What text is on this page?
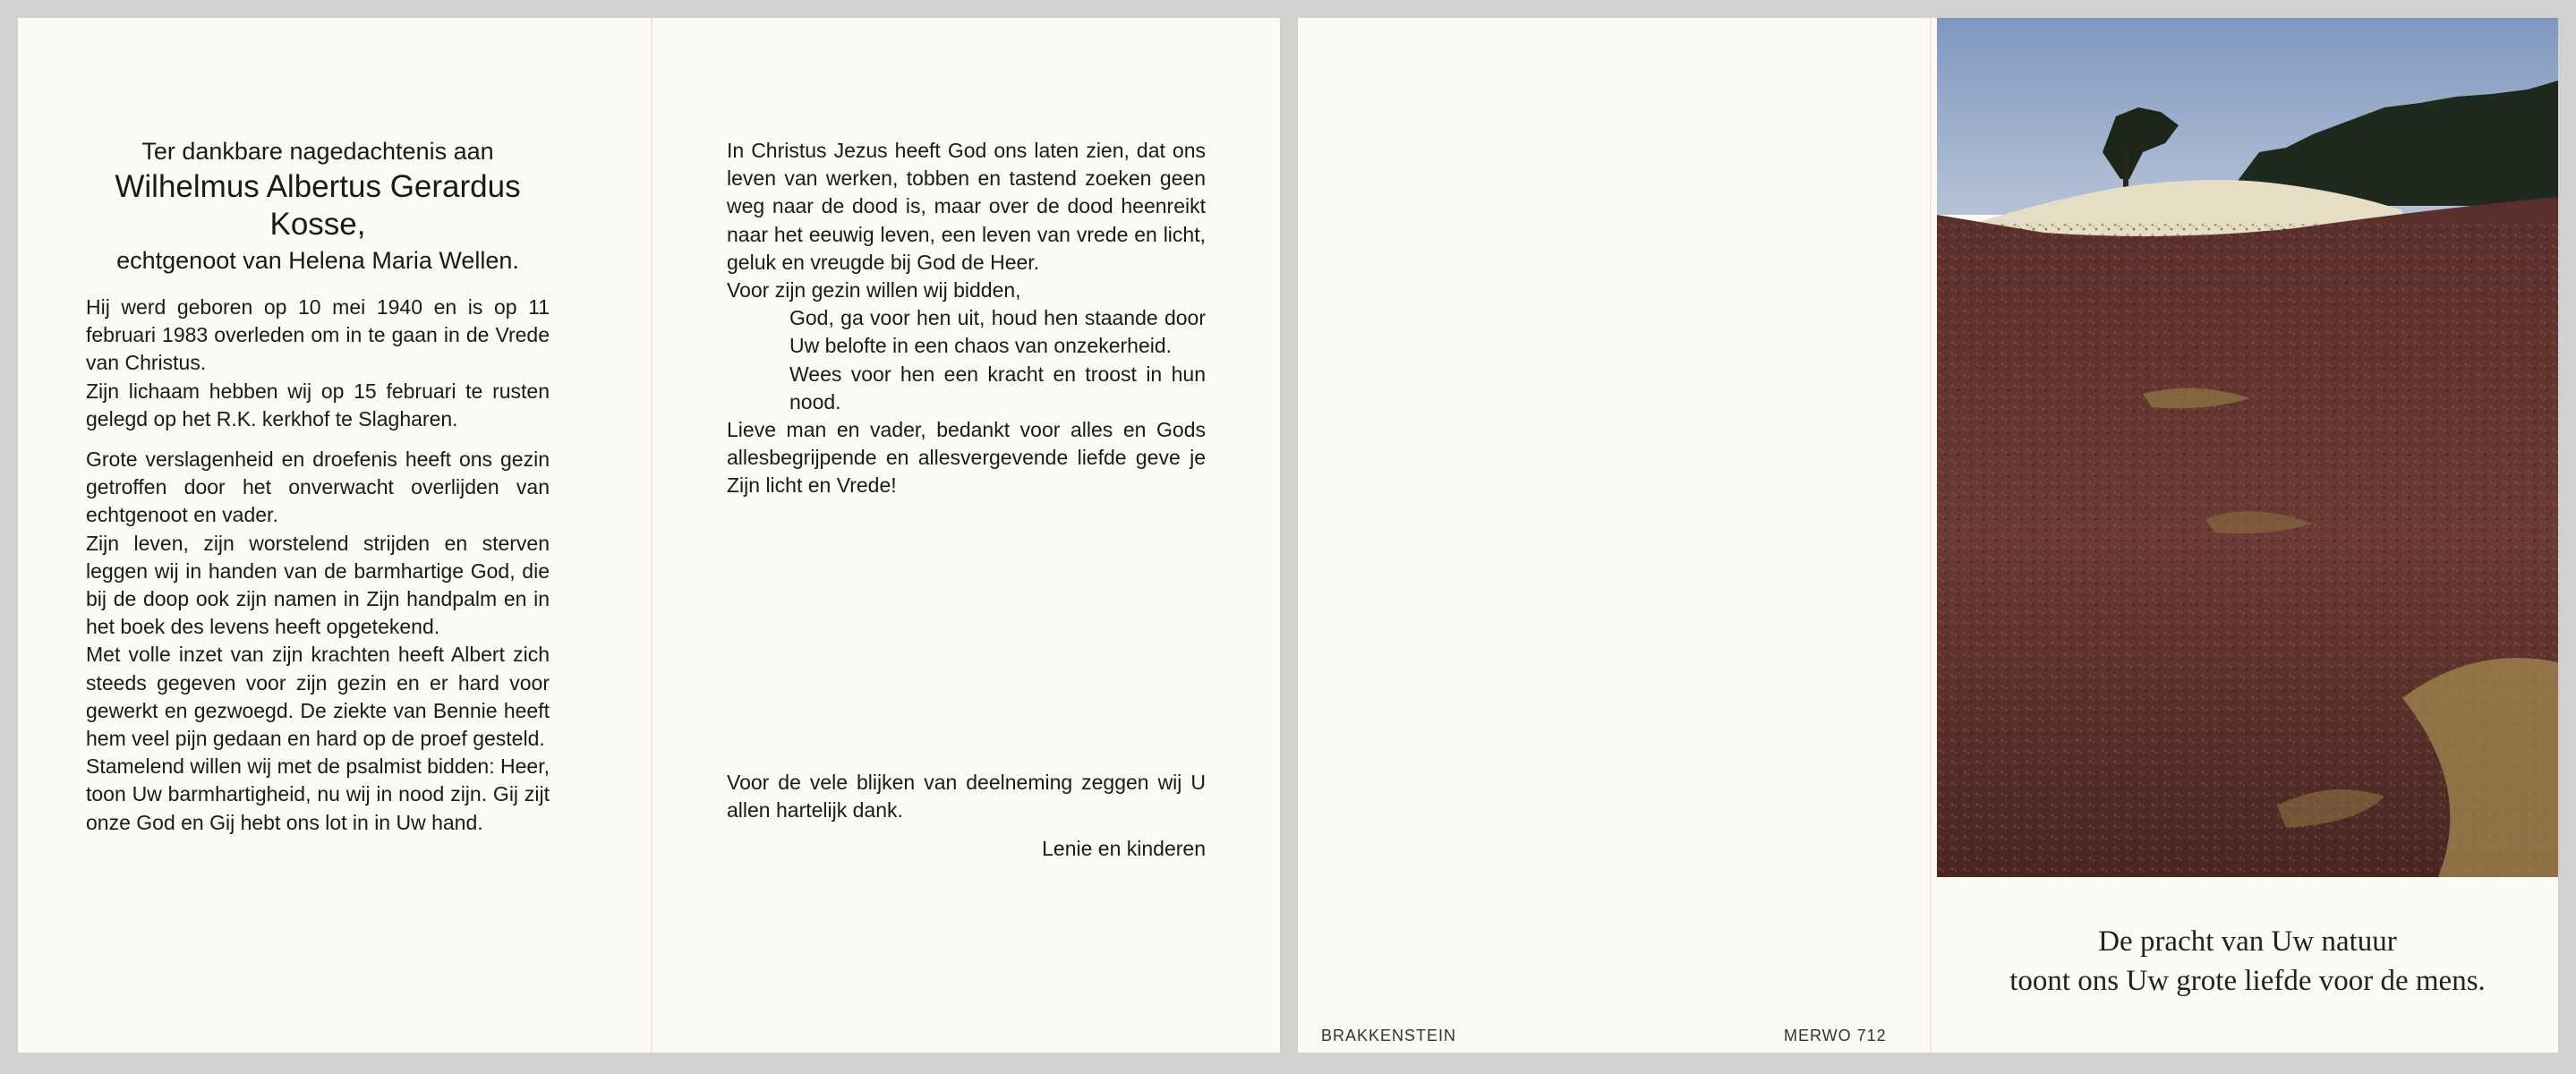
Ter dankbare nagedachtenis aan

Wilhelmus Albertus Gerardus

Kosse,

echtgenoot van Helena Maria Wellen.

Hij werd geboren op 10 mei 1940 en is op 11 februari 1983 overleden om in te gaan in de Vrede van Christus.

Zijn lichaam hebben wij op 15 februari te rusten gelegd op het R.K. kerkhof te Slagharen.

Grote verslagenheid en droefenis heeft ons gezin getroffen door het onverwacht overlijden van echtgenoot en vader.

Zijn leven, zijn worstelend strijden en sterven leggen wij in handen van de barmhartige God, die bij de doop ook zijn namen in Zijn handpalm en in het boek des levens heeft opgetekend.

Met volle inzet van zijn krachten heeft Albert zich steeds gegeven voor zijn gezin en er hard voor gewerkt en gezwoegd. De ziekte van Bennie heeft hem veel pijn gedaan en hard op de proef gesteld.

Stamelend willen wij met de psalmist bidden: Heer, toon Uw barmhartigheid, nu wij in nood zijn. Gij zijt onze God en Gij hebt ons lot in in Uw hand.

In Christus Jezus heeft God ons laten zien, dat ons leven van werken, tobben en tastend zoeken geen weg naar de dood is, maar over de dood heenreikt naar het eeuwig leven, een leven van vrede en licht, geluk en vreugde bij God de Heer.

Voor zijn gezin willen wij bidden,

God, ga voor hen uit, houd hen staande door Uw belofte in een chaos van onzekerheid.

Wees voor hen een kracht en troost in hun nood.

Lieve man en vader, bedankt voor alles en Gods allesbegrijpende en allesvergevende liefde geve je Zijn licht en Vrede!

Voor de vele blijken van deelneming zeggen wij U allen hartelijk dank.

Lenie en kinderen

De pracht van Uw natuur
toont ons Uw grote liefde voor de mens.
BRAKKENSTEIN	MERWO 712
